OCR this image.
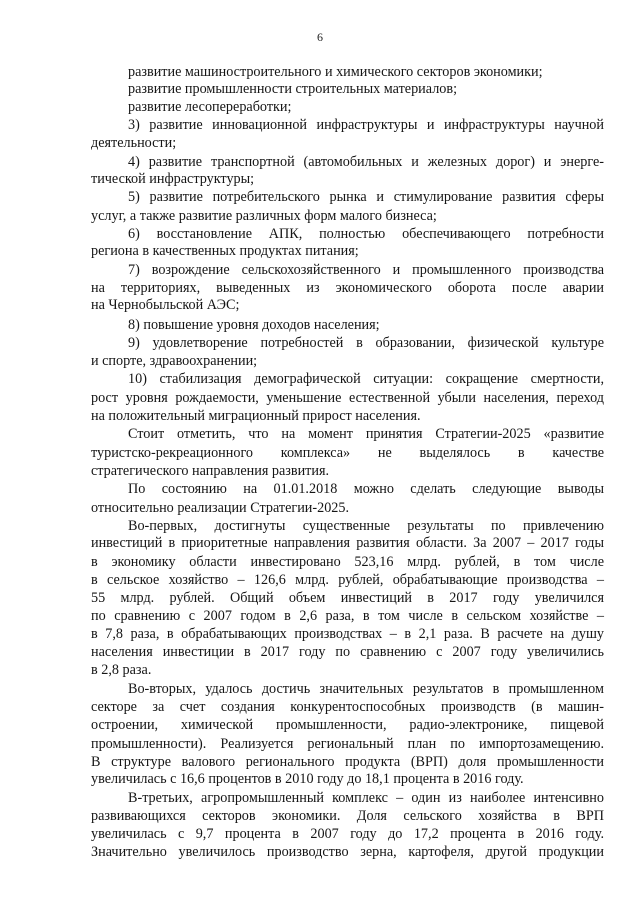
6
развитие машиностроительного и химического секторов экономики;
развитие промышленности строительных материалов;
развитие лесопереработки;
3) развитие инновационной инфраструктуры и инфраструктуры научной
деятельности;
4) развитие транспортной (автомобильных и железных дорог) и энерге-
тической инфраструктуры;
5) развитие потребительского рынка и стимулирование развития сферы
услуг, а также развитие различных форм малого бизнеса;
6) восстановление АПК, полностью обеспечивающего потребности
региона в качественных продуктах питания;
7) возрождение сельскохозяйственного и промышленного производства
на территориях, выведенных из экономического оборота после аварии
на Чернобыльской АЭС;
8) повышение уровня доходов населения;
9) удовлетворение потребностей в образовании, физической культуре
и спорте, здравоохранении;
10) стабилизация демографической ситуации: сокращение смертности,
рост уровня рождаемости, уменьшение естественной убыли населения, переход
на положительный миграционный прирост населения.
Стоит отметить, что на момент принятия Стратегии-2025 «развитие
туристско-рекреационного комплекса» не выделялось в качестве
стратегического направления развития.
По состоянию на 01.01.2018 можно сделать следующие выводы
относительно реализации Стратегии-2025.
Во-первых, достигнуты существенные результаты по привлечению
инвестиций в приоритетные направления развития области. За 2007 – 2017 годы
в экономику области инвестировано 523,16 млрд. рублей, в том числе
в сельское хозяйство – 126,6 млрд. рублей, обрабатывающие производства –
55 млрд. рублей. Общий объем инвестиций в 2017 году увеличился
по сравнению с 2007 годом в 2,6 раза, в том числе в сельском хозяйстве –
в 7,8 раза, в обрабатывающих производствах – в 2,1 раза. В расчете на душу
населения инвестиции в 2017 году по сравнению с 2007 году увеличились
в 2,8 раза.
Во-вторых, удалось достичь значительных результатов в промышленном
секторе за счет создания конкурентоспособных производств (в машин-
остроении, химической промышленности, радио-электронике, пищевой
промышленности). Реализуется региональный план по импортозамещению.
В структуре валового регионального продукта (ВРП) доля промышленности
увеличилась с 16,6 процентов в 2010 году до 18,1 процента в 2016 году.
В-третьих, агропромышленный комплекс – один из наиболее интенсивно
развивающихся секторов экономики. Доля сельского хозяйства в ВРП
увеличилась с 9,7 процента в 2007 году до 17,2 процента в 2016 году.
Значительно увеличилось производство зерна, картофеля, другой продукции
